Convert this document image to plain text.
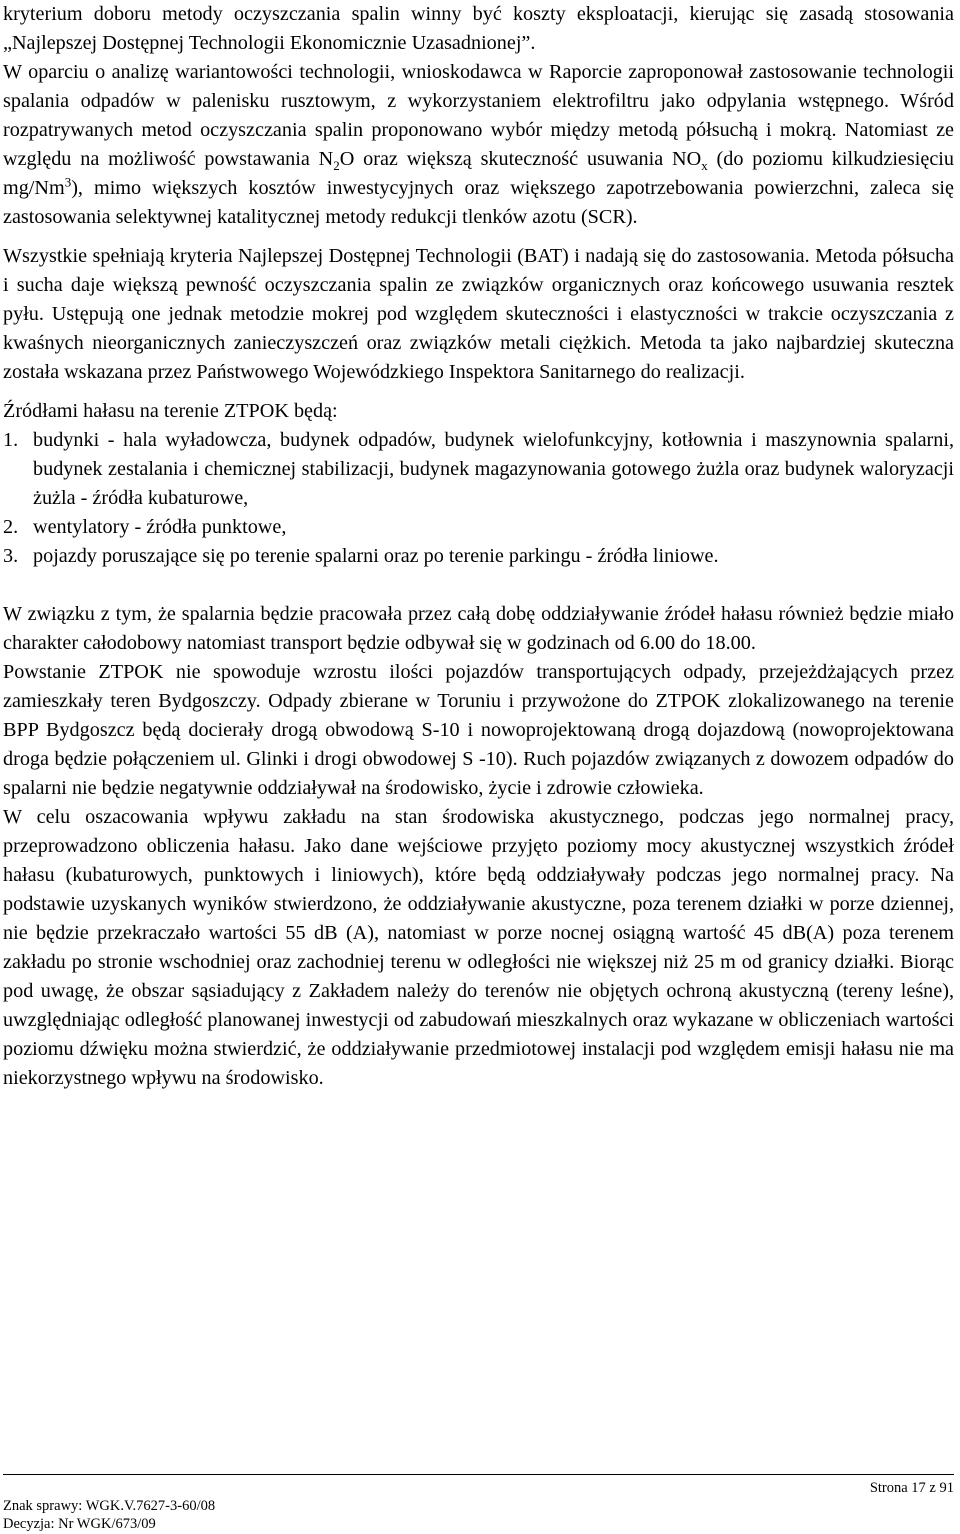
kryterium doboru metody oczyszczania spalin winny być koszty eksploatacji, kierując się zasadą stosowania „Najlepszej Dostępnej Technologii Ekonomicznie Uzasadnionej”.

W oparciu o analizę wariantowości technologii, wnioskodawca w Raporcie zaproponował zastosowanie technologii spalania odpadów w palenisku rusztowym, z wykorzystaniem elektrofiltru jako odpylania wstępnego. Wśród rozpatrywanych metod oczyszczania spalin proponowano wybór między metodą półsuchą i mokrą. Natomiast ze względu na możliwość powstawania $N_2O$ oraz większą skuteczność usuwania $NO_x$ (do poziomu kilkudziesięciu mg/Nm$^3$), mimo większych kosztów inwestycyjnych oraz większego zapotrzebowania powierzchni, zaleca się zastosowania selektywnej katalitycznej metody redukcji tlenków azotu (SCR).

Wszystkie spełniają kryteria Najlepszej Dostępnej Technologii (BAT) i nadają się do zastosowania. Metoda półsucha i sucha daje większą pewność oczyszczania spalin ze związków organicznych oraz końcowego usuwania resztek pyłu. Ustępują one jednak metodzie mokrej pod względem skuteczności i elastyczności w trakcie oczyszczania z kwaśnych nieorganicznych zanieczyszczeń oraz związków metali ciężkich. Metoda ta jako najbardziej skuteczna została wskazana przez Państwowego Wojewódzkiego Inspektora Sanitarnego do realizacji.

Źródłami hałasu na terenie ZTPOK będą:

1. budynki - hala wyładowcza, budynek odpadów, budynek wielofunkcyjny, kotłownia i maszynownia spalarni, budynek zestalania i chemicznej stabilizacji, budynek magazynowania gotowego żużla oraz budynek waloryzacji żużla - źródła kubaturowe,
2. wentylatory - źródła punktowe,
3. pojazdy poruszające się po terenie spalarni oraz po terenie parkingu - źródła liniowe.

W związku z tym, że spalarnia będzie pracowała przez całą dobę oddziaływanie źródeł hałasu również będzie miało charakter całodobowy natomiast transport będzie odbywał się w godzinach od 6.00 do 18.00.

Powstanie ZTPOK nie spowoduje wzrostu ilości pojazdów transportujących odpady, przejeżdżających przez zamieszkały teren Bydgoszczy. Odpady zbierane w Toruniu i przywożone do ZTPOK zlokalizowanego na terenie BPP Bydgoszcz będą docierały drogą obwodową S-10 i nowoprojektowaną drogą dojazdową (nowoprojektowana droga będzie połączeniem ul. Glinki i drogi obwodowej S -10). Ruch pojazdów związanych z dowozem odpadów do spalarni nie będzie negatywnie oddziaływał na środowisko, życie i zdrowie człowieka.

W celu oszacowania wpływu zakładu na stan środowiska akustycznego, podczas jego normalnej pracy, przeprowadzono obliczenia hałasu. Jako dane wejściowe przyjęto poziomy mocy akustycznej wszystkich źródeł hałasu (kubaturowych, punktowych i liniowych), które będą oddziaływały podczas jego normalnej pracy. Na podstawie uzyskanych wyników stwierdzono, że oddziaływanie akustyczne, poza terenem działki w porze dziennej, nie będzie przekraczało wartości 55 dB (A), natomiast w porze nocnej osiągną wartość 45 dB(A) poza terenem zakładu po stronie wschodniej oraz zachodniej terenu w odległości nie większej niż 25 m od granicy działki. Biorąc pod uwagę, że obszar sąsiadujący z Zakładem należy do terenów nie objętych ochroną akustyczną (tereny leśne), uwzględniając odległość planowanej inwestycji od zabudowań mieszkalnych oraz wykazane w obliczeniach wartości poziomu dźwięku można stwierdzić, że oddziaływanie przedmiotowej instalacji pod względem emisji hałasu nie ma niekorzystnego wpływu na środowisko.

Strona 17 z 91
Znak sprawy: WGK.V.7627-3-60/08
Decyzja: Nr WGK/673/09
